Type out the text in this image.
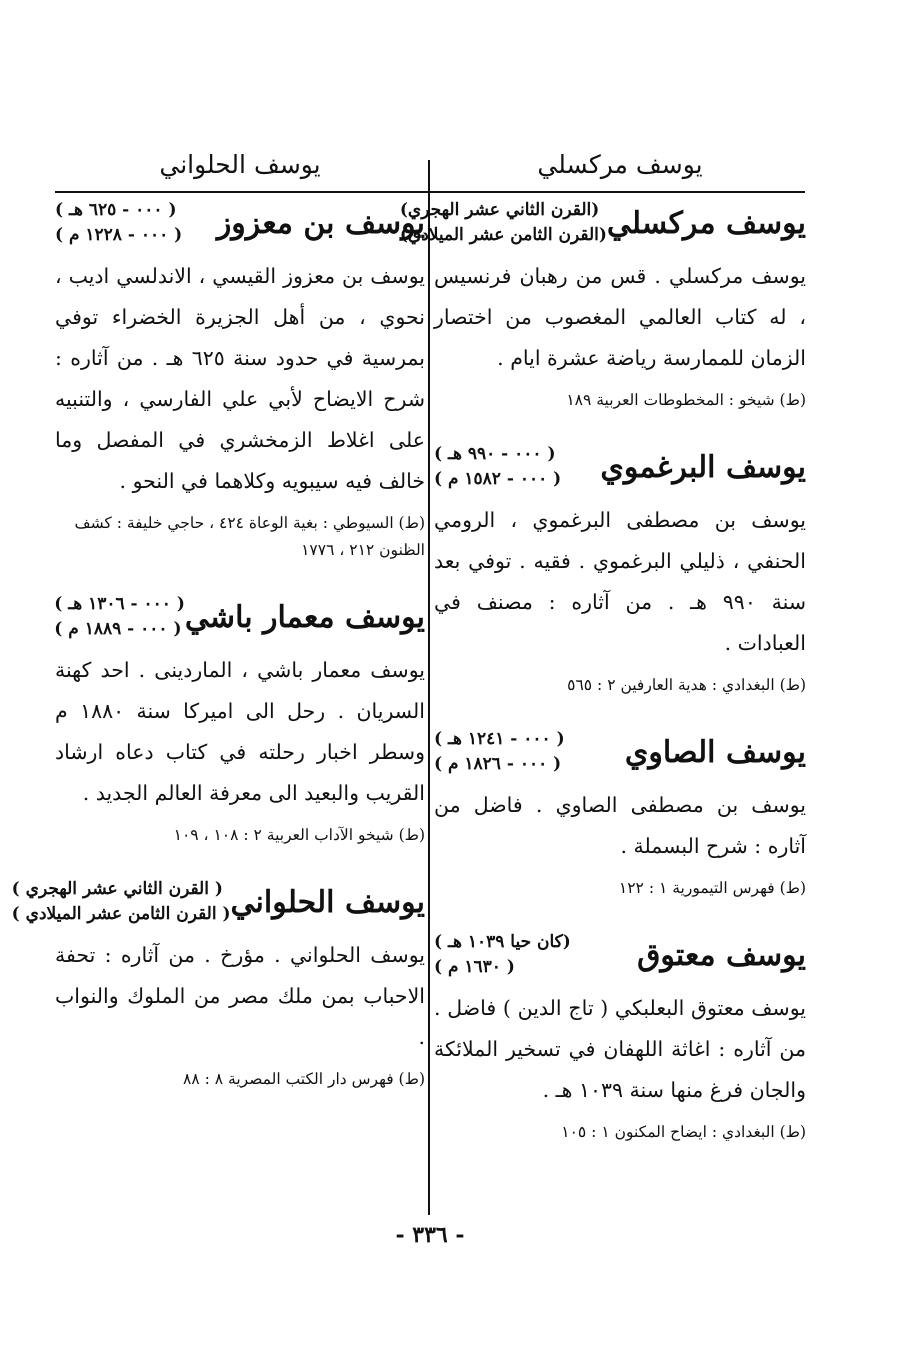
يوسف مركسلي
يوسف الحلواني
يوسف مركسلي
(القرن الثاني عشر الهجري)
(القرن الثامن عشر الميلادي)
يوسف مركسلي . قس من رهبان فرنسيس ، له كتاب العالمي المغصوب من اختصار الزمان للممارسة رياضة عشرة ايام .
(ط) شيخو : المخطوطات العربية ١٨٩
يوسف البرغموي
( ٠٠٠ - ٩٩٠ هـ )
( ٠٠٠ - ١٥٨٢ م )
يوسف بن مصطفى البرغموي ، الرومي الحنفي ، ذليلي البرغموي . فقيه . توفي بعد سنة ٩٩٠ هـ . من آثاره : مصنف في العبادات .
(ط) البغدادي : هدية العارفين ٢ : ٥٦٥
يوسف الصاوي
( ٠٠٠ - ١٢٤١ هـ )
( ٠٠٠ - ١٨٢٦ م )
يوسف بن مصطفى الصاوي . فاضل من آثاره : شرح البسملة .
(ط) فهرس التيمورية ١ : ١٢٢
يوسف معتوق
(كان حيا ١٠٣٩ هـ )
( ١٦٣٠ م )
يوسف معتوق البعلبكي ( تاج الدين ) فاضل . من آثاره : اغاثة اللهفان في تسخير الملائكة والجان فرغ منها سنة ١٠٣٩ هـ .
(ط) البغدادي : ايضاح المكنون ١ : ١٠٥
يوسف بن معزوز
( ٠٠٠ - ٦٢٥ هـ )
( ٠٠٠ - ١٢٢٨ م )
يوسف بن معزوز القيسي ، الاندلسي اديب ، نحوي ، من أهل الجزيرة الخضراء توفي بمرسية في حدود سنة ٦٢٥ هـ . من آثاره : شرح الايضاح لأبي علي الفارسي ، والتنبيه على اغلاط الزمخشري في المفصل وما خالف فيه سيبويه وكلاهما في النحو .
(ط) السيوطي : بغية الوعاة ٤٢٤ ، حاجي خليفة : كشف الظنون ٢١٢ ، ١٧٧٦
يوسف معمار باشي
( ٠٠٠ - ١٣٠٦ هـ )
( ٠٠٠ - ١٨٨٩ م )
يوسف معمار باشي ، الماردينى . احد كهنة السريان . رحل الى اميركا سنة ١٨٨٠ م وسطر اخبار رحلته في كتاب دعاه ارشاد القريب والبعيد الى معرفة العالم الجديد .
(ط) شيخو الآداب العربية ٢ : ١٠٨ ، ١٠٩
يوسف الحلواني
( القرن الثاني عشر الهجري )
( القرن الثامن عشر الميلادي )
يوسف الحلواني . مؤرخ . من آثاره : تحفة الاحباب بمن ملك مصر من الملوك والنواب .
(ط) فهرس دار الكتب المصرية ٨ : ٨٨
- ٣٣٦ -
